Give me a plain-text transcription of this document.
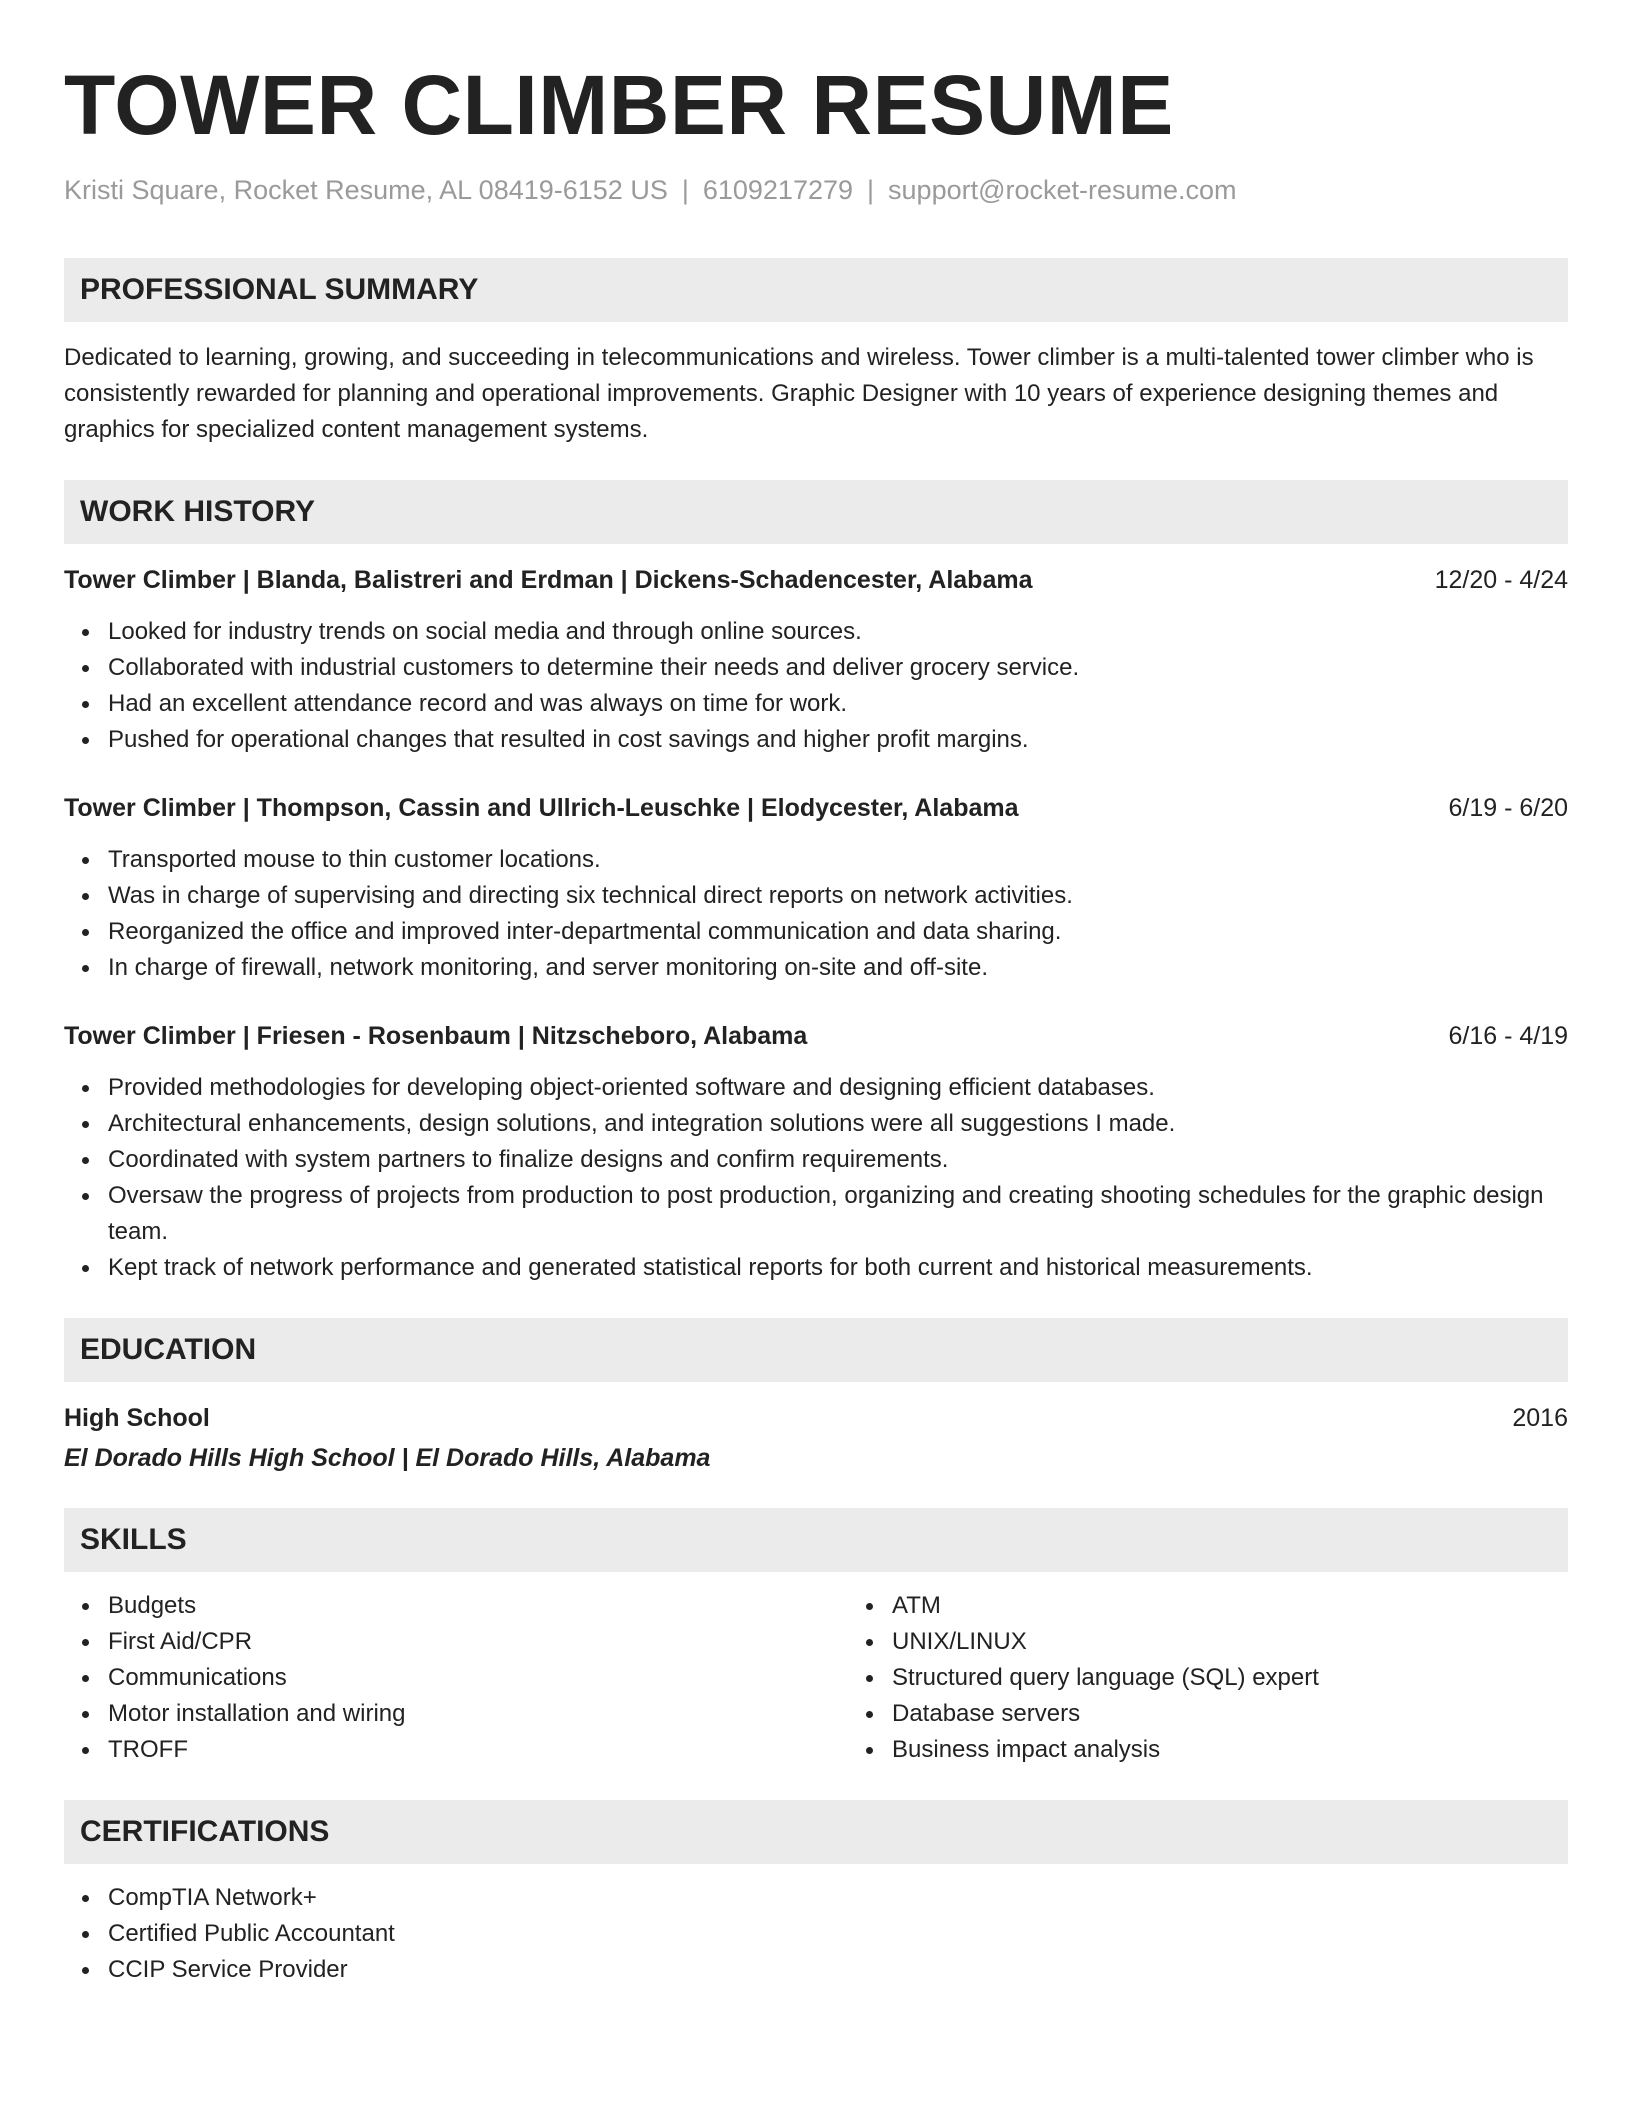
TOWER CLIMBER RESUME
Kristi Square, Rocket Resume, AL 08419-6152 US | 6109217279 | support@rocket-resume.com
PROFESSIONAL SUMMARY
Dedicated to learning, growing, and succeeding in telecommunications and wireless. Tower climber is a multi-talented tower climber who is consistently rewarded for planning and operational improvements. Graphic Designer with 10 years of experience designing themes and graphics for specialized content management systems.
WORK HISTORY
Tower Climber | Blanda, Balistreri and Erdman | Dickens-Schadencester, Alabama	12/20 - 4/24
Looked for industry trends on social media and through online sources.
Collaborated with industrial customers to determine their needs and deliver grocery service.
Had an excellent attendance record and was always on time for work.
Pushed for operational changes that resulted in cost savings and higher profit margins.
Tower Climber | Thompson, Cassin and Ullrich-Leuschke | Elodycester, Alabama	6/19 - 6/20
Transported mouse to thin customer locations.
Was in charge of supervising and directing six technical direct reports on network activities.
Reorganized the office and improved inter-departmental communication and data sharing.
In charge of firewall, network monitoring, and server monitoring on-site and off-site.
Tower Climber | Friesen - Rosenbaum | Nitzscheboro, Alabama	6/16 - 4/19
Provided methodologies for developing object-oriented software and designing efficient databases.
Architectural enhancements, design solutions, and integration solutions were all suggestions I made.
Coordinated with system partners to finalize designs and confirm requirements.
Oversaw the progress of projects from production to post production, organizing and creating shooting schedules for the graphic design team.
Kept track of network performance and generated statistical reports for both current and historical measurements.
EDUCATION
High School	2016
El Dorado Hills High School | El Dorado Hills, Alabama
SKILLS
Budgets
First Aid/CPR
Communications
Motor installation and wiring
TROFF
ATM
UNIX/LINUX
Structured query language (SQL) expert
Database servers
Business impact analysis
CERTIFICATIONS
CompTIA Network+
Certified Public Accountant
CCIP Service Provider
